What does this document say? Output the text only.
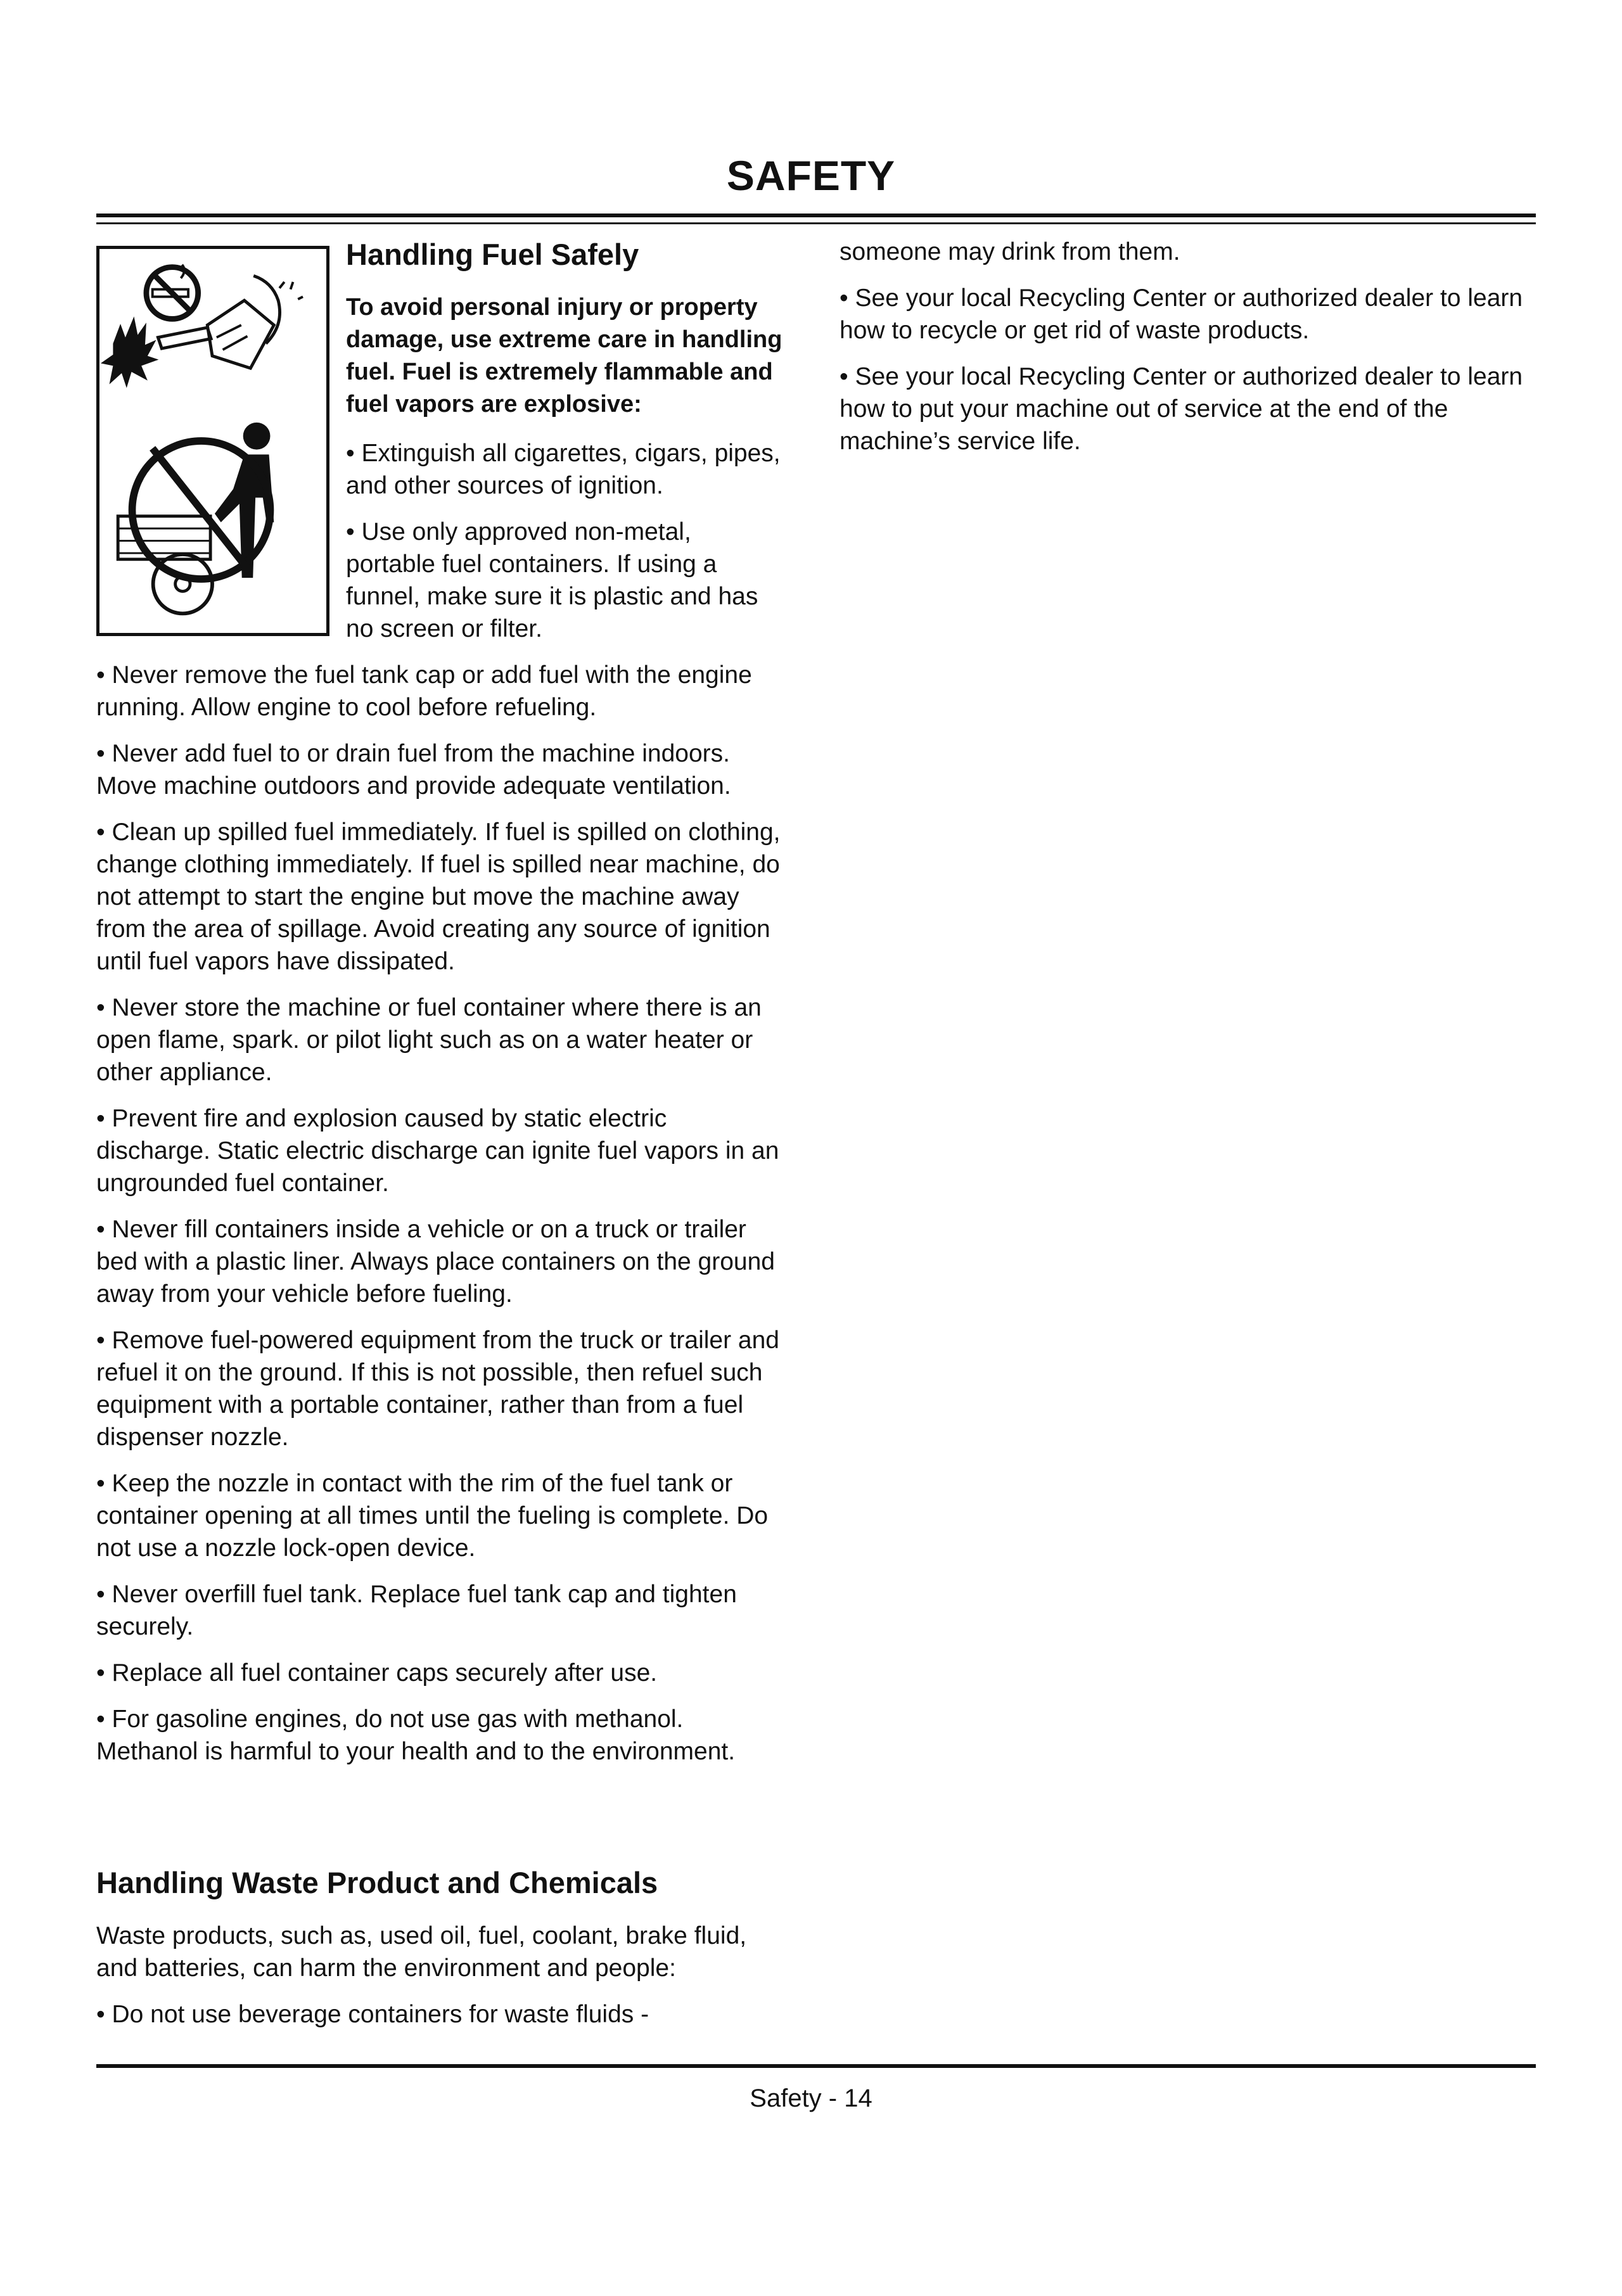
SAFETY
Handling Fuel Safely

To avoid personal injury or property damage, use extreme care in handling fuel. Fuel is extremely flammable and fuel vapors are explosive:

• Extinguish all cigarettes, cigars, pipes, and other sources of ignition.

• Use only approved non-metal, portable fuel containers. If using a funnel, make sure it is plastic and has no screen or filter.

• Never remove the fuel tank cap or add fuel with the engine running. Allow engine to cool before refueling.

• Never add fuel to or drain fuel from the machine indoors. Move machine outdoors and provide adequate ventilation.

• Clean up spilled fuel immediately. If fuel is spilled on clothing, change clothing immediately. If fuel is spilled near machine, do not attempt to start the engine but move the machine away from the area of spillage. Avoid creating any source of ignition until fuel vapors have dissipated.

• Never store the machine or fuel container where there is an open flame, spark. or pilot light such as on a water heater or other appliance.

• Prevent fire and explosion caused by static electric discharge. Static electric discharge can ignite fuel vapors in an ungrounded fuel container.

• Never fill containers inside a vehicle or on a truck or trailer bed with a plastic liner. Always place containers on the ground away from your vehicle before fueling.

• Remove fuel-powered equipment from the truck or trailer and refuel it on the ground. If this is not possible, then refuel such equipment with a portable container, rather than from a fuel dispenser nozzle.

• Keep the nozzle in contact with the rim of the fuel tank or container opening at all times until the fueling is complete. Do not use a nozzle lock-open device.

• Never overfill fuel tank. Replace fuel tank cap and tighten securely.

• Replace all fuel container caps securely after use.

• For gasoline engines, do not use gas with methanol. Methanol is harmful to your health and to the environment.

Handling Waste Product and Chemicals

Waste products, such as, used oil, fuel, coolant, brake fluid, and batteries, can harm the environment and people:

• Do not use beverage containers for waste fluids -

someone may drink from them.

• See your local Recycling Center or authorized dealer to learn how to recycle or get rid of waste products.

• See your local Recycling Center or authorized dealer to learn how to put your machine out of service at the end of the machine’s service life.

Safety - 14
